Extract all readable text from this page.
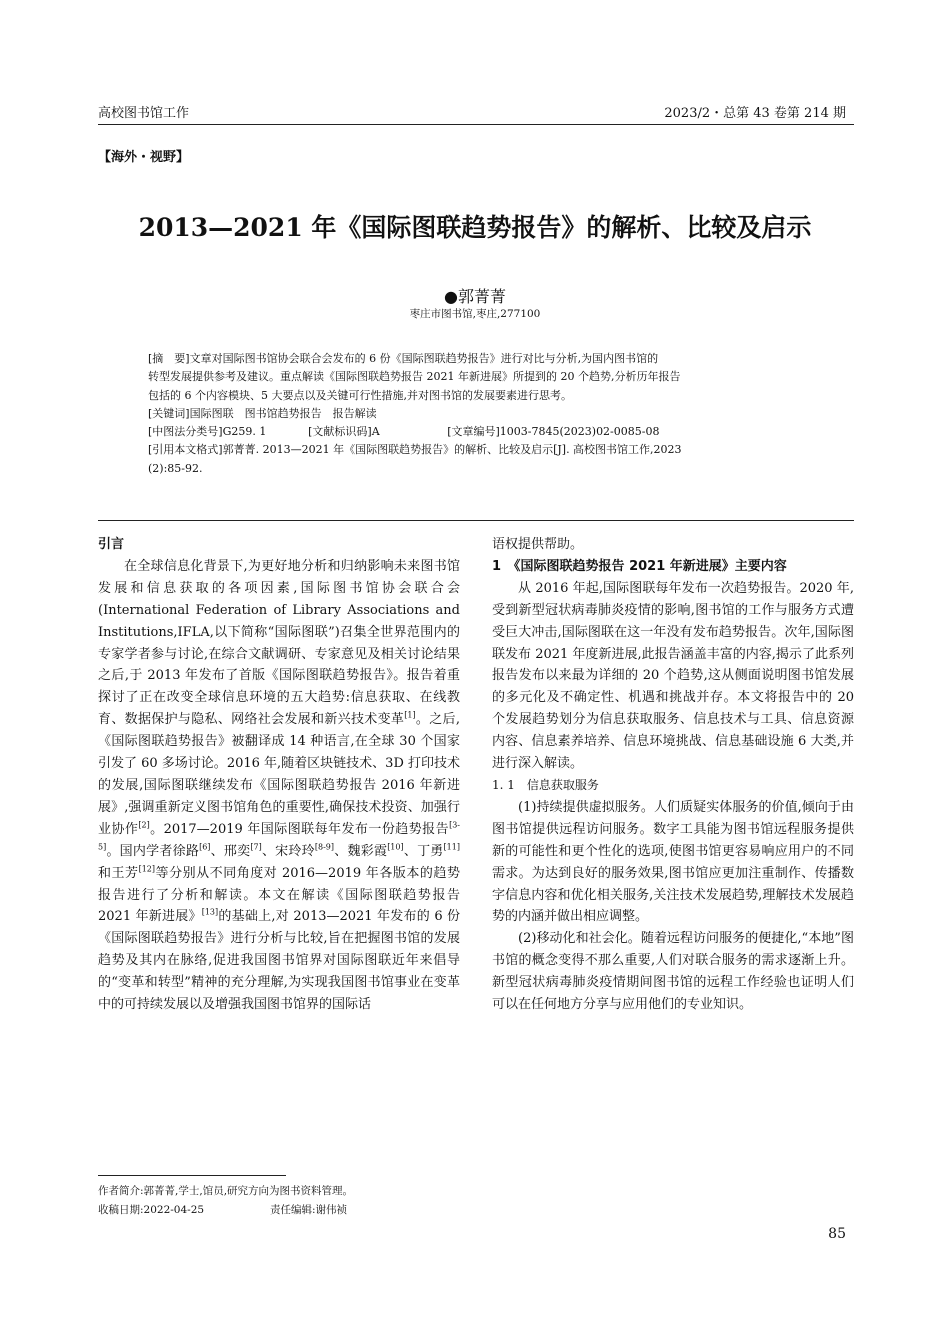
高校图书馆工作	2023/2・总第 43 卷第 214 期
【海外・视野】
2013—2021 年《国际图联趋势报告》的解析、比较及启示
●郭菁菁
枣庄市图书馆,枣庄,277100
[摘　要]文章对国际图书馆协会联合会发布的 6 份《国际图联趋势报告》进行对比与分析,为国内图书馆的
转型发展提供参考及建议。重点解读《国际图联趋势报告 2021 年新进展》所提到的 20 个趋势,分析历年报告
包括的 6 个内容模块、5 大要点以及关键可行性措施,并对图书馆的发展要素进行思考。
[关键词]国际图联　图书馆趋势报告　报告解读
[中图法分类号]G259. 1	[文献标识码]A	[文章编号]1003-7845(2023)02-0085-08
[引用本文格式]郭菁菁. 2013—2021 年《国际图联趋势报告》的解析、比较及启示[J]. 高校图书馆工作,2023
(2):85-92.

引言

在全球信息化背景下,为更好地分析和归纳影响未来图书馆发展和信息获取的各项因素,国际图书馆协会联合会(International Federation of Library Associations and Institutions,IFLA,以下简称“国际图联”)召集全世界范围内的专家学者参与讨论,在综合文献调研、专家意见及相关讨论结果之后,于 2013 年发布了首版《国际图联趋势报告》。报告着重探讨了正在改变全球信息环境的五大趋势:信息获取、在线教育、数据保护与隐私、网络社会发展和新兴技术变革[1]。之后,《国际图联趋势报告》被翻译成 14 种语言,在全球 30 个国家引发了 60 多场讨论。2016 年,随着区块链技术、3D 打印技术的发展,国际图联继续发布《国际图联趋势报告 2016 年新进展》,强调重新定义图书馆角色的重要性,确保技术投资、加强行业协作[2]。2017—2019 年国际图联每年发布一份趋势报告[3-5]。国内学者徐路[6]、邢奕[7]、宋玲玲[8-9]、魏彩霞[10]、丁勇[11]和王芳[12]等分别从不同角度对 2016—2019 年各版本的趋势报告进行了分析和解读。本文在解读《国际图联趋势报告 2021 年新进展》[13]的基础上,对 2013—2021 年发布的 6 份《国际图联趋势报告》进行分析与比较,旨在把握图书馆的发展趋势及其内在脉络,促进我国图书馆界对国际图联近年来倡导的“变革和转型”精神的充分理解,为实现我国图书馆事业在变革中的可持续发展以及增强我国图书馆界的国际话

语权提供帮助。

1　《国际图联趋势报告 2021 年新进展》主要内容

从 2016 年起,国际图联每年发布一次趋势报告。2020 年,受到新型冠状病毒肺炎疫情的影响,图书馆的工作与服务方式遭受巨大冲击,国际图联在这一年没有发布趋势报告。次年,国际图联发布 2021 年度新进展,此报告涵盖丰富的内容,揭示了此系列报告发布以来最为详细的 20 个趋势,这从侧面说明图书馆发展的多元化及不确定性、机遇和挑战并存。本文将报告中的 20 个发展趋势划分为信息获取服务、信息技术与工具、信息资源内容、信息素养培养、信息环境挑战、信息基础设施 6 大类,并进行深入解读。

1. 1　信息获取服务

(1)持续提供虚拟服务。人们质疑实体服务的价值,倾向于由图书馆提供远程访问服务。数字工具能为图书馆远程服务提供新的可能性和更个性化的选项,使图书馆更容易响应用户的不同需求。为达到良好的服务效果,图书馆应更加注重制作、传播数字信息内容和优化相关服务,关注技术发展趋势,理解技术发展趋势的内涵并做出相应调整。

(2)移动化和社会化。随着远程访问服务的便捷化,“本地”图书馆的概念变得不那么重要,人们对联合服务的需求逐渐上升。新型冠状病毒肺炎疫情期间图书馆的远程工作经验也证明人们可以在任何地方分享与应用他们的专业知识。

作者简介:郭菁菁,学士,馆员,研究方向为图书资料管理。
收稿日期:2022-04-25	责任编辑:谢伟祯
85
